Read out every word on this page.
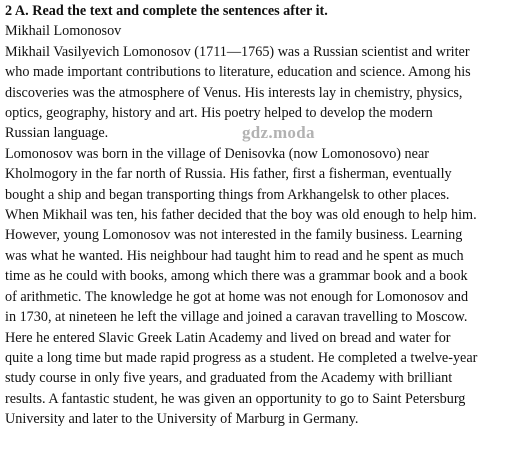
2 A. Read the text and complete the sentences after it.

Mikhail Lomonosov

Mikhail Vasilyevich Lomonosov (1711—1765) was a Russian scientist and writer
who made important contributions to literature, education and science. Among his
discoveries was the atmosphere of Venus. His interests lay in chemistry, physics,
optics, geography, history and art. His poetry helped to develop the modern
Russian language.

Lomonosov was born in the village of Denisovka (now Lomonosovo) near
Kholmogory in the far north of Russia. His father, first a fisherman, eventually
bought a ship and began transporting things from Arkhangelsk to other places.
When Mikhail was ten, his father decided that the boy was old enough to help him.
However, young Lomonosov was not interested in the family business. Learning
was what he wanted. His neighbour had taught him to read and he spent as much
time as he could with books, among which there was a grammar book and a book
of arithmetic. The knowledge he got at home was not enough for Lomonosov and
in 1730, at nineteen he left the village and joined a caravan travelling to Moscow.
Here he entered Slavic Greek Latin Academy and lived on bread and water for
quite a long time but made rapid progress as a student. He completed a twelve-year
study course in only five years, and graduated from the Academy with brilliant
results. A fantastic student, he was given an opportunity to go to Saint Petersburg
University and later to the University of Marburg in Germany.

gdz.moda
